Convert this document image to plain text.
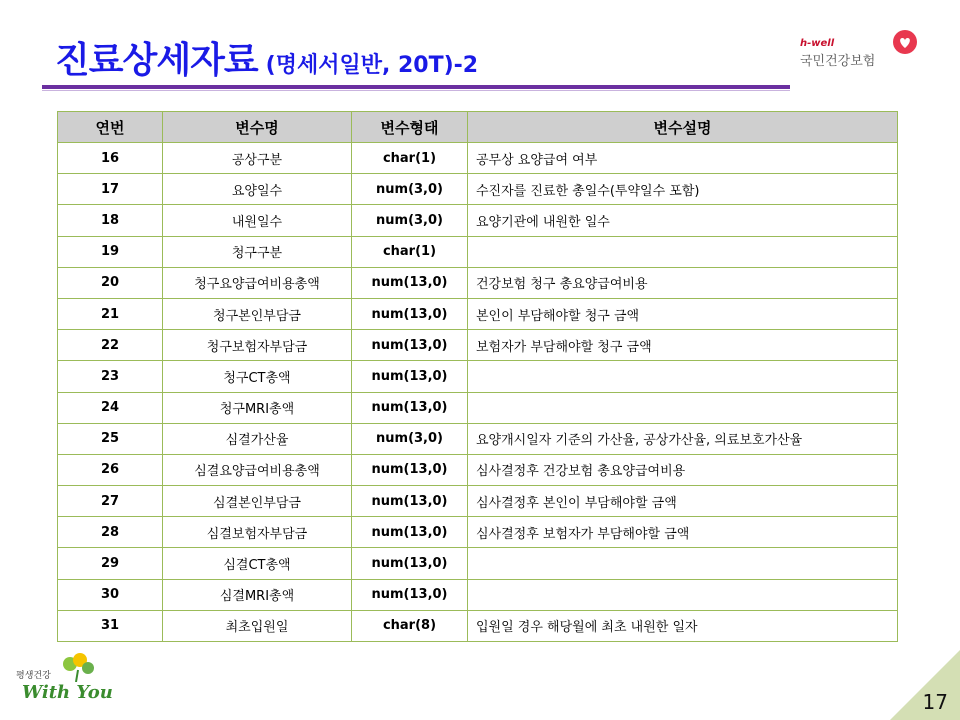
진료상세자료 (명세서일반, 20T)-2
h-well
국민건강보험
연번	변수명	변수형태	변수설명
16	공상구분	char(1)	공무상 요양급여 여부
17	요양일수	num(3,0)	수진자를 진료한 총일수(투약일수 포함)
18	내원일수	num(3,0)	요양기관에 내원한 일수
19	청구구분	char(1)	
20	청구요양급여비용총액	num(13,0)	건강보험 청구 총요양급여비용
21	청구본인부담금	num(13,0)	본인이 부담해야할 청구 금액
22	청구보험자부담금	num(13,0)	보험자가 부담해야할 청구 금액
23	청구CT총액	num(13,0)	
24	청구MRI총액	num(13,0)	
25	심결가산율	num(3,0)	요양개시일자 기준의 가산율, 공상가산율, 의료보호가산율
26	심결요양급여비용총액	num(13,0)	심사결정후 건강보험 총요양급여비용
27	심결본인부담금	num(13,0)	심사결정후 본인이 부담해야할 금액
28	심결보험자부담금	num(13,0)	심사결정후 보험자가 부담해야할 금액
29	심결CT총액	num(13,0)	
30	심결MRI총액	num(13,0)	
31	최초입원일	char(8)	입원일 경우 해당월에 최초 내원한 일자
평생건강
With You	17
